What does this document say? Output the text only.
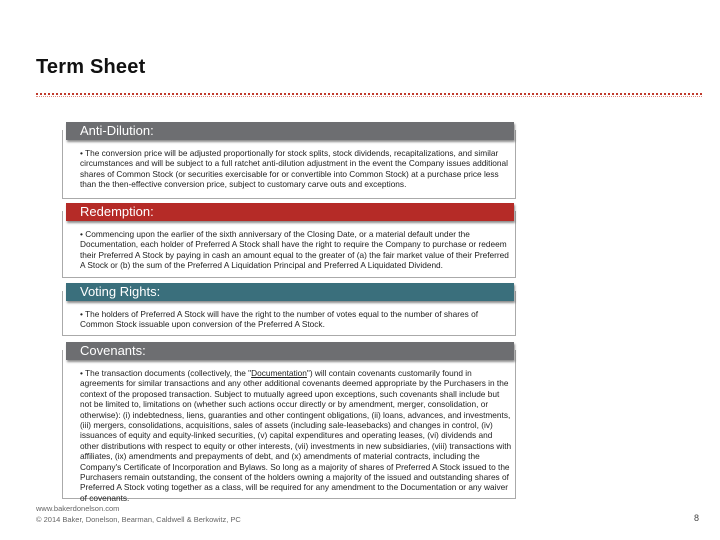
Term Sheet
Anti-Dilution:

• The conversion price will be adjusted proportionally for stock splits, stock dividends, recapitalizations, and similar circumstances and will be subject to a full ratchet anti-dilution adjustment in the event the Company issues additional shares of Common Stock (or securities exercisable for or convertible into Common Stock) at a purchase price less than the then-effective conversion price, subject to customary carve outs and exceptions.

Redemption:

• Commencing upon the earlier of the sixth anniversary of the Closing Date, or a material default under the Documentation, each holder of Preferred A Stock shall have the right to require the Company to purchase or redeem their Preferred A Stock by paying in cash an amount equal to the greater of (a) the fair market value of their Preferred A Stock or (b) the sum of the Preferred A Liquidation Principal and Preferred A Liquidated Dividend.

Voting Rights:

• The holders of Preferred A Stock will have the right to the number of votes equal to the number of shares of Common Stock issuable upon conversion of the Preferred A Stock.

Covenants:

• The transaction documents (collectively, the "Documentation") will contain covenants customarily found in agreements for similar transactions and any other additional covenants deemed appropriate by the Purchasers in the context of the proposed transaction. Subject to mutually agreed upon exceptions, such covenants shall include but not be limited to, limitations on (whether such actions occur directly or by amendment, merger, consolidation, or otherwise): (i) indebtedness, liens, guaranties and other contingent obligations, (ii) loans, advances, and investments, (iii) mergers, consolidations, acquisitions, sales of assets (including sale-leasebacks) and changes in control, (iv) issuances of equity and equity-linked securities, (v) capital expenditures and operating leases, (vi) dividends and other distributions with respect to equity or other interests, (vii) investments in new subsidiaries, (viii) transactions with affiliates, (ix) amendments and prepayments of debt, and (x) amendments of material contracts, including the Company's Certificate of Incorporation and Bylaws. So long as a majority of shares of Preferred A Stock issued to the Purchasers remain outstanding, the consent of the holders owning a majority of the issued and outstanding shares of Preferred A Stock voting together as a class, will be required for any amendment to the Documentation or any waiver of covenants.

www.bakerdonelson.com
© 2014 Baker, Donelson, Bearman, Caldwell & Berkowitz, PC	8
